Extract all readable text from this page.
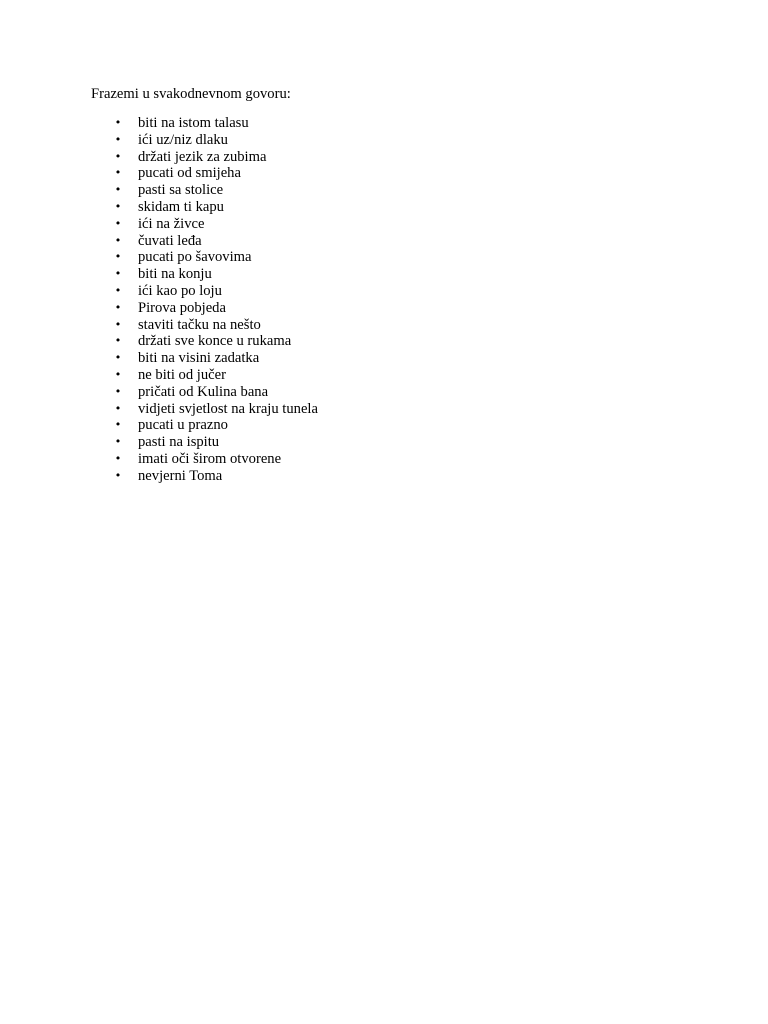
Frazemi u svakodnevnom govoru:

• biti na istom talasu
• ići uz/niz dlaku
• držati jezik za zubima
• pucati od smijeha
• pasti sa stolice
• skidam ti kapu
• ići na živce
• čuvati leđa
• pucati po šavovima
• biti na konju
• ići kao po loju
• Pirova pobjeda
• staviti tačku na nešto
• držati sve konce u rukama
• biti na visini zadatka
• ne biti od jučer
• pričati od Kulina bana
• vidjeti svjetlost na kraju tunela
• pucati u prazno
• pasti na ispitu
• imati oči širom otvorene
• nevjerni Toma
